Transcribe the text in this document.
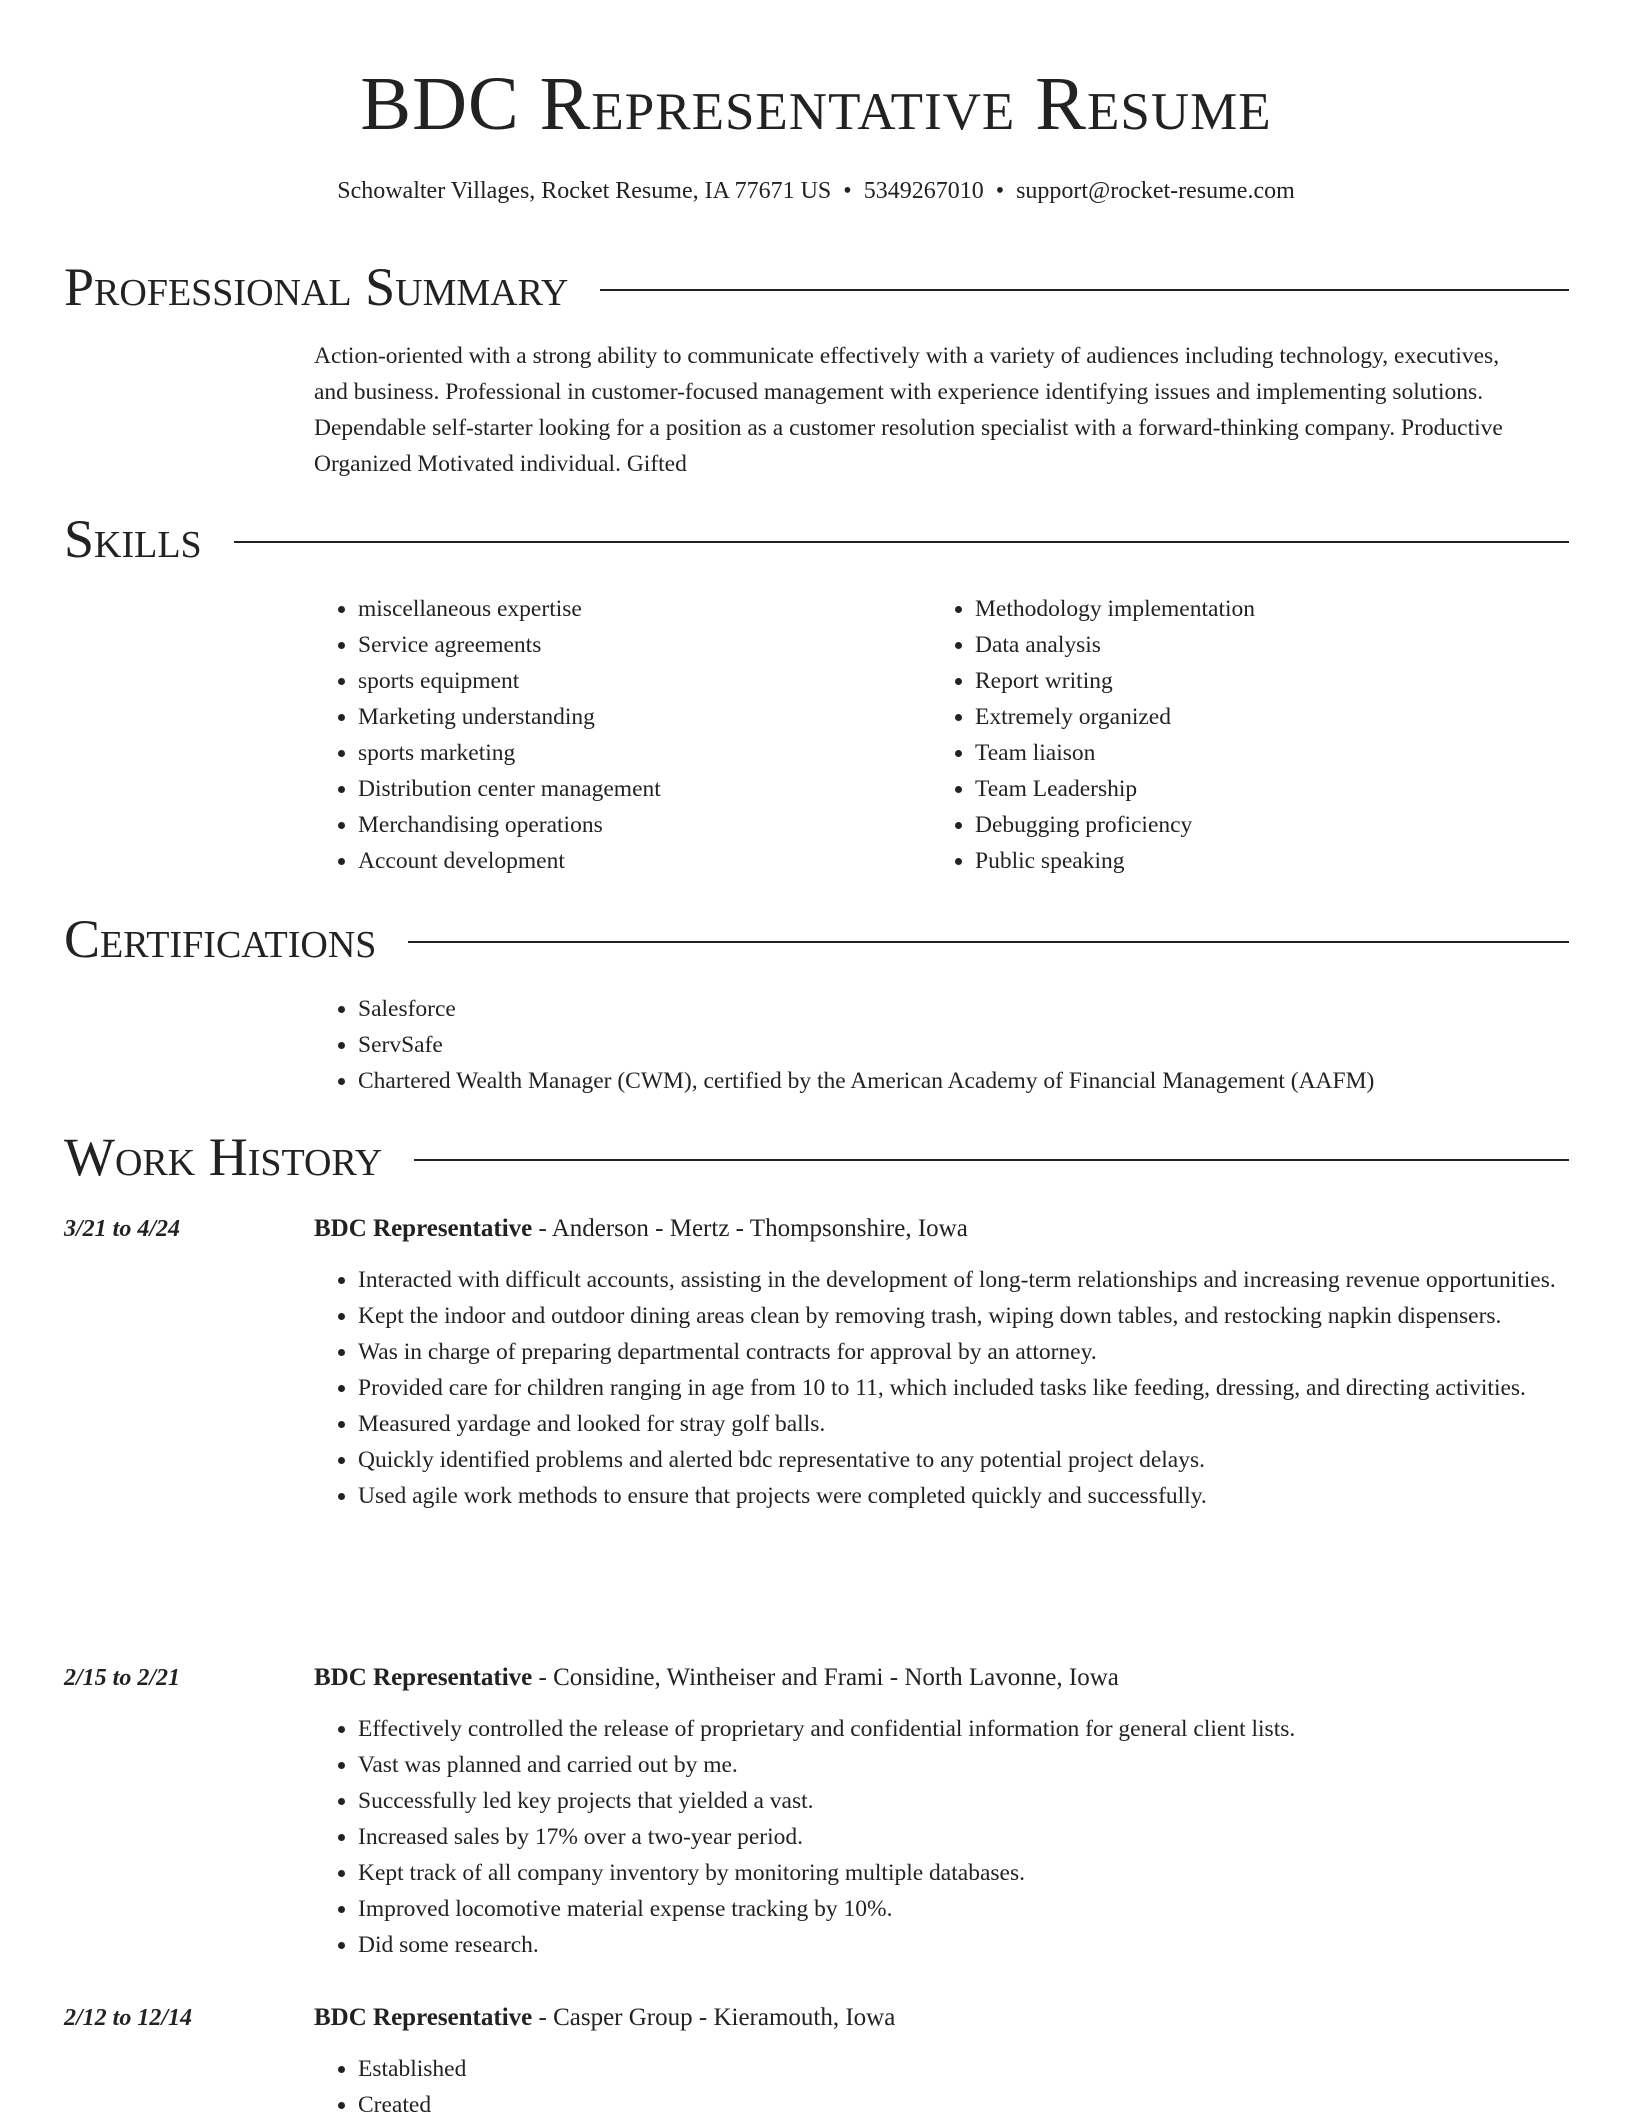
BDC Representative Resume
Schowalter Villages, Rocket Resume, IA 77671 US • 5349267010 • support@rocket-resume.com
Professional Summary

Action-oriented with a strong ability to communicate effectively with a variety of audiences including technology, executives, and business. Professional in customer-focused management with experience identifying issues and implementing solutions. Dependable self-starter looking for a position as a customer resolution specialist with a forward-thinking company. Productive Organized Motivated individual. Gifted

Skills
• miscellaneous expertise
• Service agreements
• sports equipment
• Marketing understanding
• sports marketing
• Distribution center management
• Merchandising operations
• Account development
• Methodology implementation
• Data analysis
• Report writing
• Extremely organized
• Team liaison
• Team Leadership
• Debugging proficiency
• Public speaking
Certifications
• Salesforce
• ServSafe
• Chartered Wealth Manager (CWM), certified by the American Academy of Financial Management (AAFM)
Work History
3/21 to 4/24	BDC Representative - Anderson - Mertz - Thompsonshire, Iowa
• Interacted with difficult accounts, assisting in the development of long-term relationships and increasing revenue opportunities.
• Kept the indoor and outdoor dining areas clean by removing trash, wiping down tables, and restocking napkin dispensers.
• Was in charge of preparing departmental contracts for approval by an attorney.
• Provided care for children ranging in age from 10 to 11, which included tasks like feeding, dressing, and directing activities.
• Measured yardage and looked for stray golf balls.
• Quickly identified problems and alerted bdc representative to any potential project delays.
• Used agile work methods to ensure that projects were completed quickly and successfully.
2/15 to 2/21	BDC Representative - Considine, Wintheiser and Frami - North Lavonne, Iowa
• Effectively controlled the release of proprietary and confidential information for general client lists.
• Vast was planned and carried out by me.
• Successfully led key projects that yielded a vast.
• Increased sales by 17% over a two-year period.
• Kept track of all company inventory by monitoring multiple databases.
• Improved locomotive material expense tracking by 10%.
• Did some research.
2/12 to 12/14	BDC Representative - Casper Group - Kieramouth, Iowa
• Established
• Created
